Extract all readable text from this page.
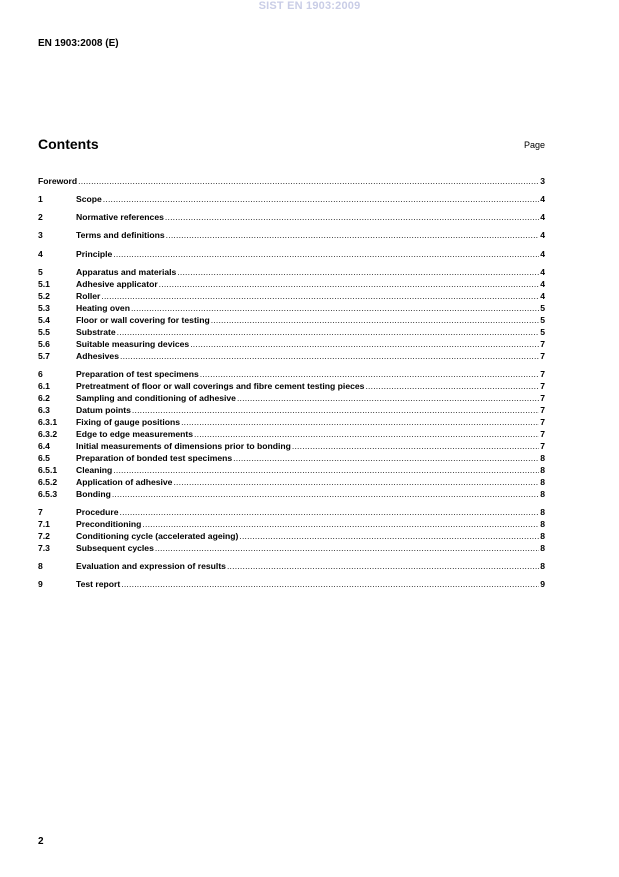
SIST EN 1903:2009
EN 1903:2008 (E)
Contents	Page
Foreword .....	3
1	Scope .....	4
2	Normative references .....	4
3	Terms and definitions .....	4
4	Principle .....	4
5	Apparatus and materials .....	4
5.1	Adhesive applicator .....	4
5.2	Roller .....	4
5.3	Heating oven .....	5
5.4	Floor or wall covering for testing .....	5
5.5	Substrate .....	5
5.6	Suitable measuring devices .....	7
5.7	Adhesives .....	7
6	Preparation of test specimens .....	7
6.1	Pretreatment of floor or wall coverings and fibre cement testing pieces .....	7
6.2	Sampling and conditioning of adhesive .....	7
6.3	Datum points .....	7
6.3.1	Fixing of gauge positions .....	7
6.3.2	Edge to edge measurements .....	7
6.4	Initial measurements of dimensions prior to bonding .....	7
6.5	Preparation of bonded test specimens .....	8
6.5.1	Cleaning .....	8
6.5.2	Application of adhesive .....	8
6.5.3	Bonding .....	8
7	Procedure .....	8
7.1	Preconditioning .....	8
7.2	Conditioning cycle (accelerated ageing) .....	8
7.3	Subsequent cycles .....	8
8	Evaluation and expression of results .....	8
9	Test report .....	9
2
